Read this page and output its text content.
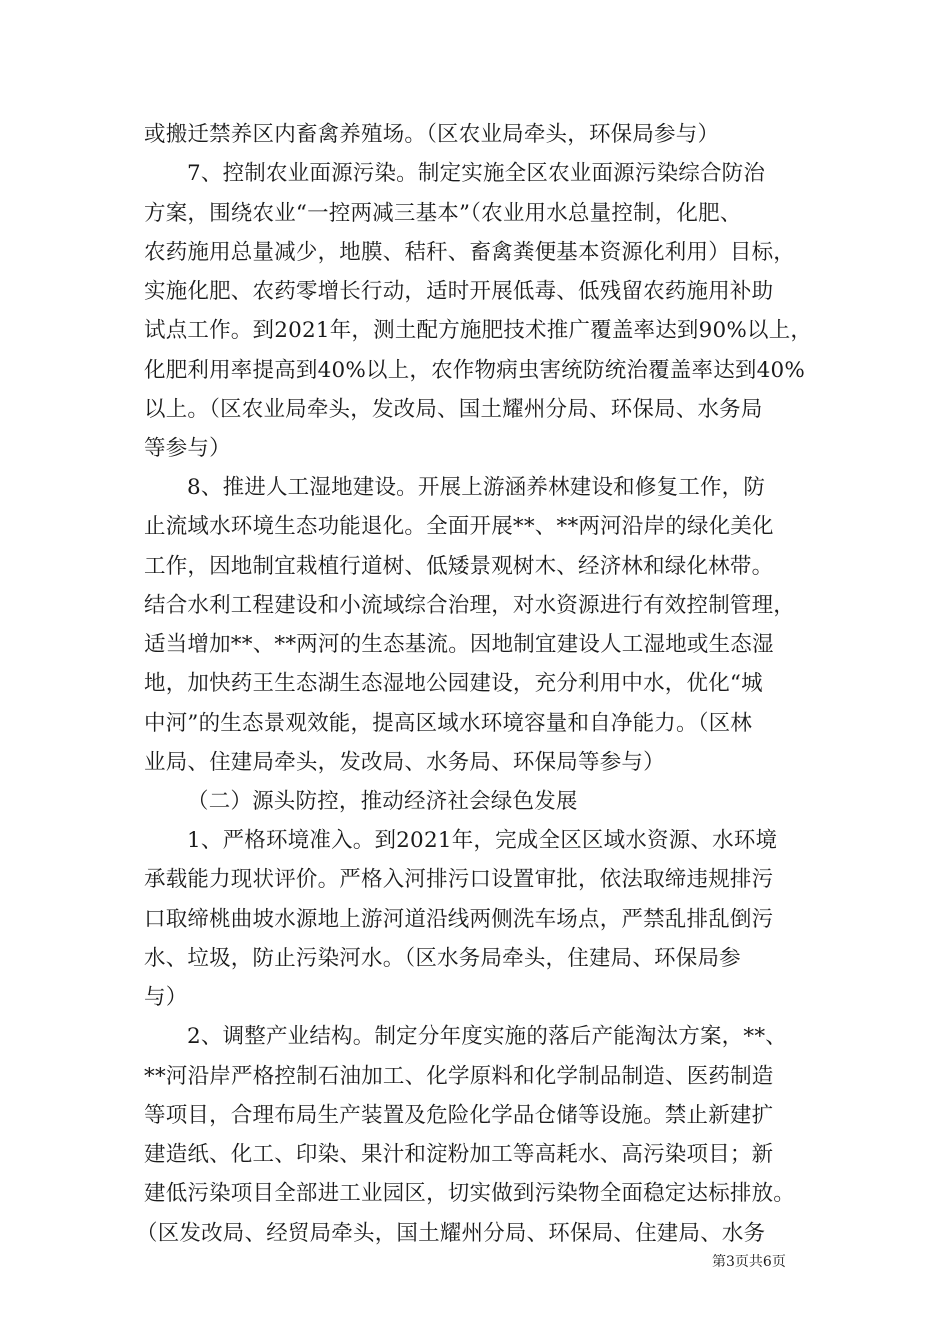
或搬迁禁养区内畜禽养殖场。（区农业局牵头，环保局参与）
7、控制农业面源污染。制定实施全区农业面源污染综合防治
方案，围绕农业“一控两减三基本”（农业用水总量控制，化肥、
农药施用总量减少，地膜、秸秆、畜禽粪便基本资源化利用）目标，
实施化肥、农药零增长行动，适时开展低毒、低残留农药施用补助
试点工作。到2021年，测土配方施肥技术推广覆盖率达到90%以上，
化肥利用率提高到40%以上，农作物病虫害统防统治覆盖率达到40%
以上。（区农业局牵头，发改局、国土耀州分局、环保局、水务局
等参与）
8、推进人工湿地建设。开展上游涵养林建设和修复工作，防
止流域水环境生态功能退化。全面开展**、**两河沿岸的绿化美化
工作，因地制宜栽植行道树、低矮景观树木、经济林和绿化林带。
结合水利工程建设和小流域综合治理，对水资源进行有效控制管理，
适当增加**、**两河的生态基流。因地制宜建设人工湿地或生态湿
地，加快药王生态湖生态湿地公园建设，充分利用中水，优化“城
中河”的生态景观效能，提高区域水环境容量和自净能力。（区林
业局、住建局牵头，发改局、水务局、环保局等参与）
（二）源头防控，推动经济社会绿色发展
1、严格环境准入。到2021年，完成全区区域水资源、水环境
承载能力现状评价。严格入河排污口设置审批，依法取缔违规排污
口取缔桃曲坡水源地上游河道沿线两侧洗车场点，严禁乱排乱倒污
水、垃圾，防止污染河水。（区水务局牵头，住建局、环保局参
与）
2、调整产业结构。制定分年度实施的落后产能淘汰方案，**、
**河沿岸严格控制石油加工、化学原料和化学制品制造、医药制造
等项目，合理布局生产装置及危险化学品仓储等设施。禁止新建扩
建造纸、化工、印染、果汁和淀粉加工等高耗水、高污染项目；新
建低污染项目全部进工业园区，切实做到污染物全面稳定达标排放。
（区发改局、经贸局牵头，国土耀州分局、环保局、住建局、水务
第3页共6页
